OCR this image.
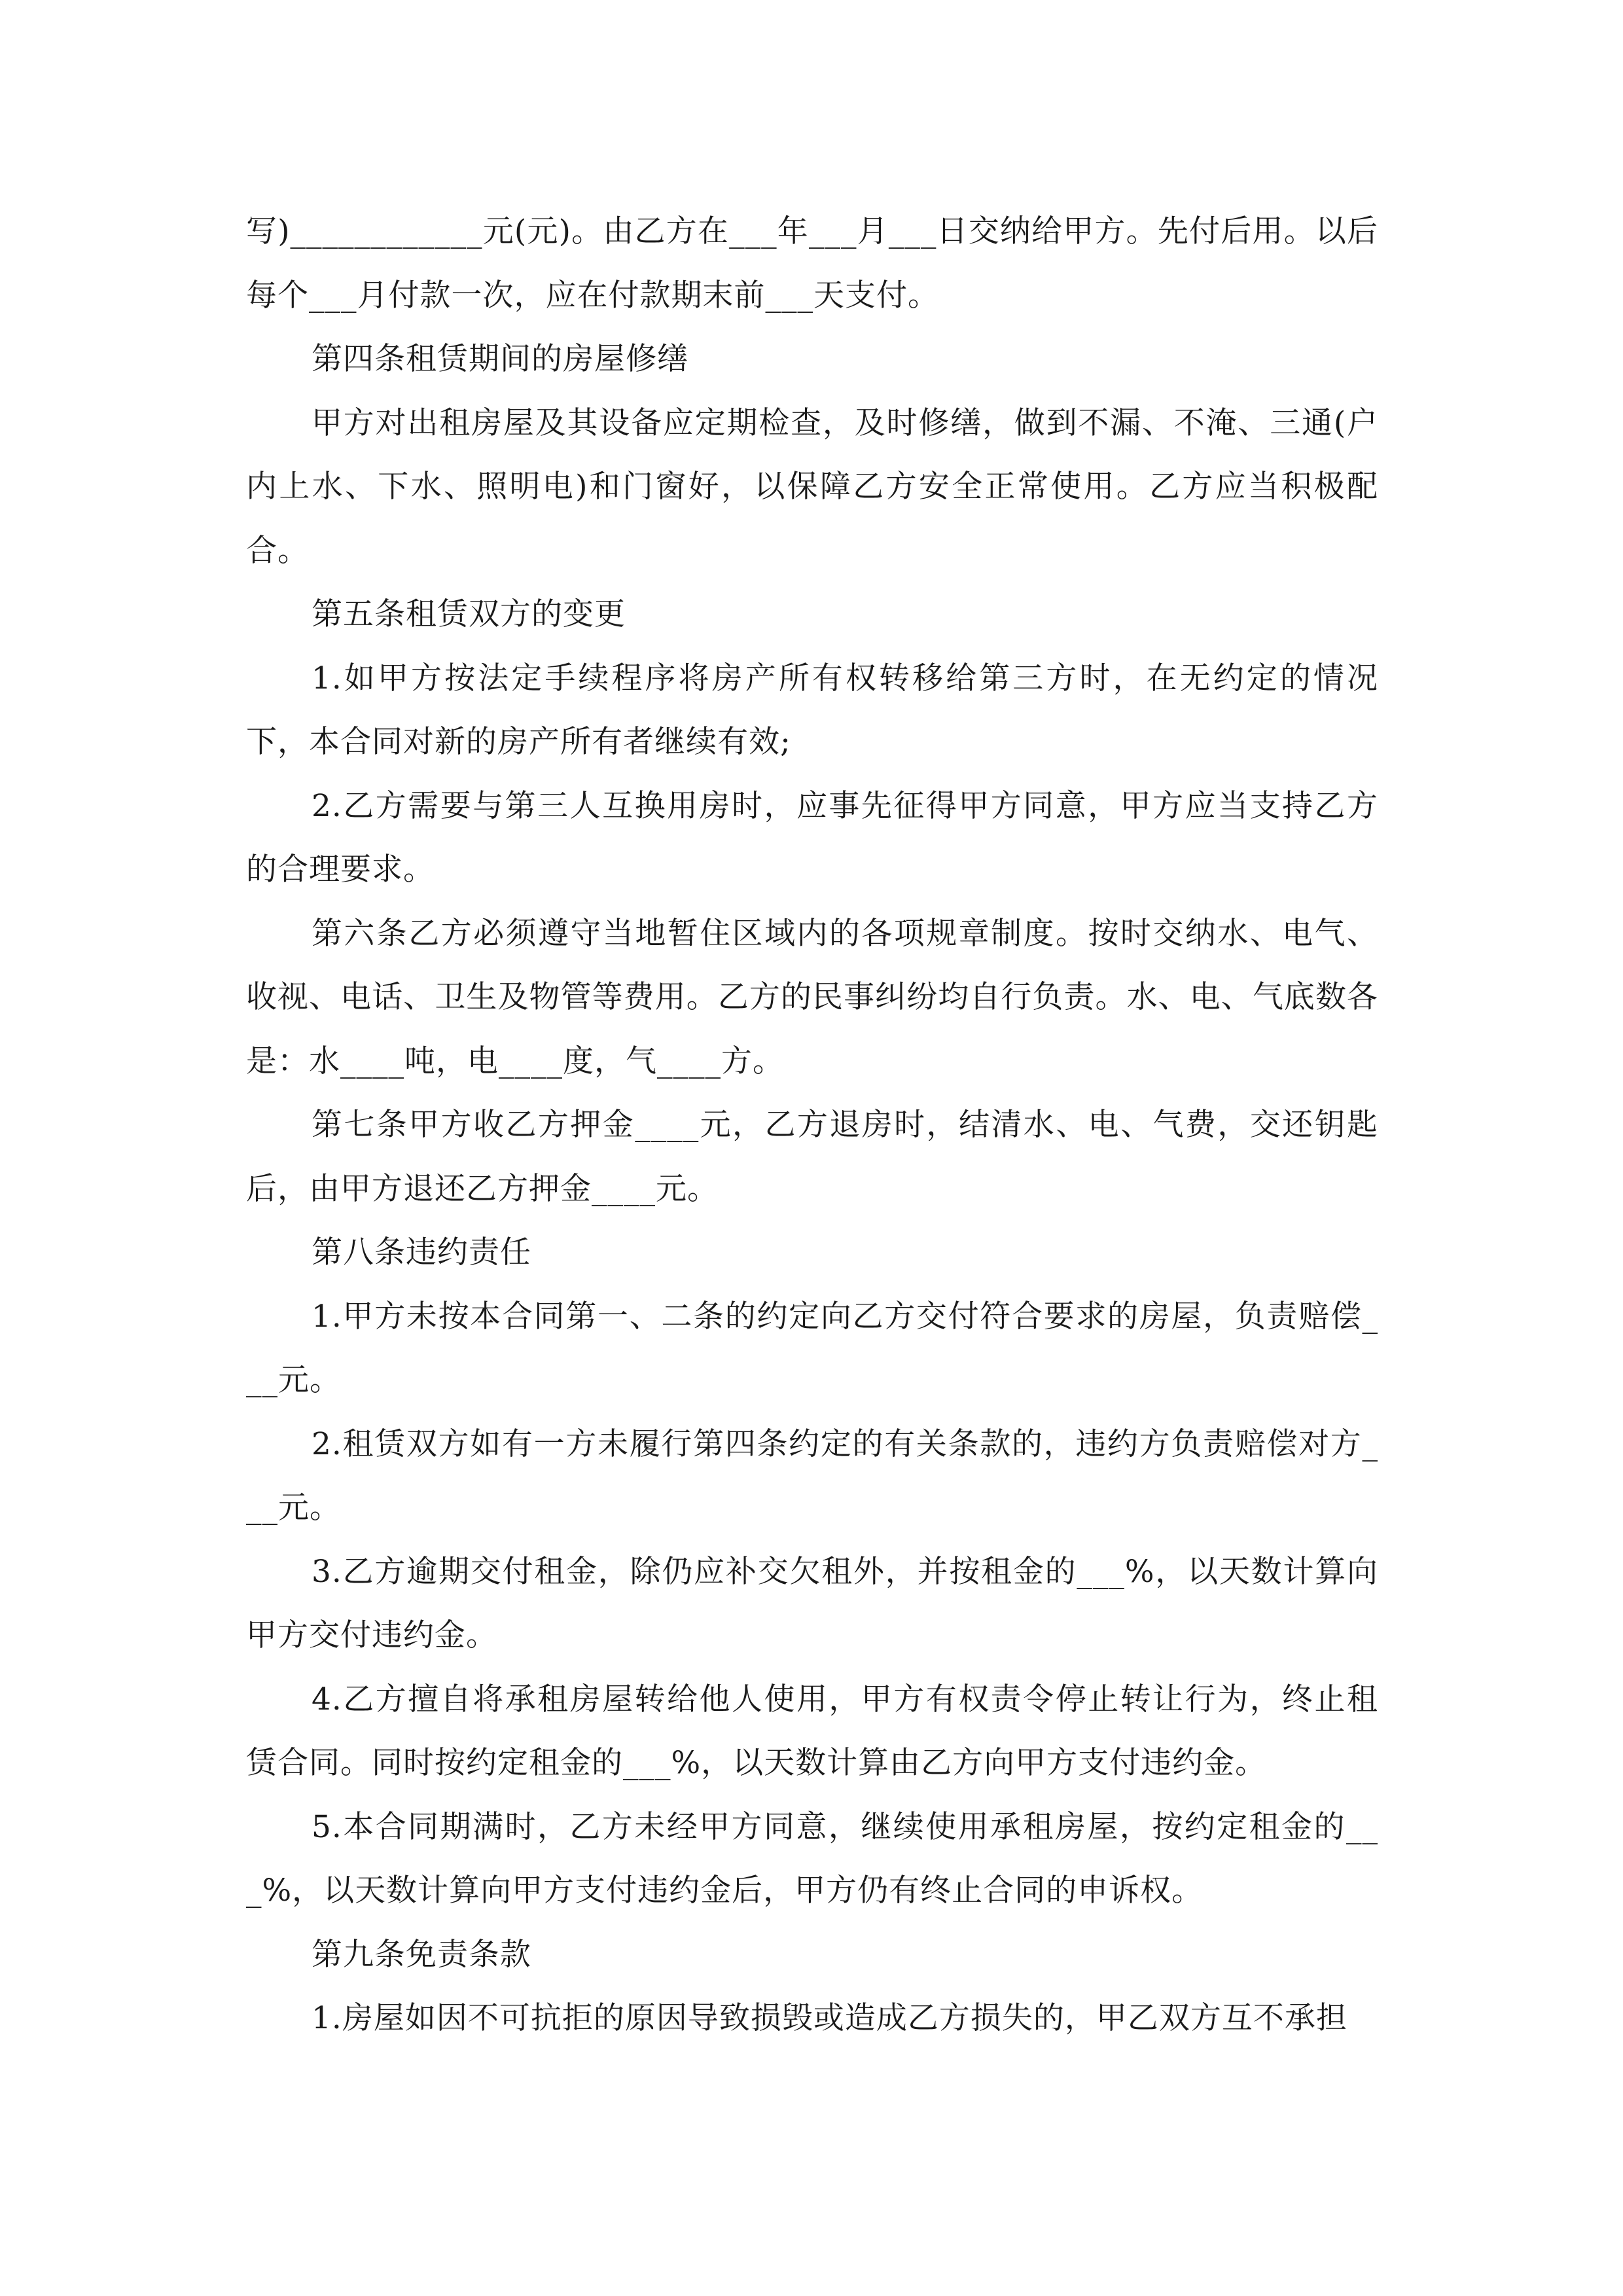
写)____________元(元)。由乙方在___年___月___日交纳给甲方。先付后用。以后每个___月付款一次，应在付款期末前___天支付。

第四条租赁期间的房屋修缮

甲方对出租房屋及其设备应定期检查，及时修缮，做到不漏、不淹、三通(户内上水、下水、照明电)和门窗好，以保障乙方安全正常使用。乙方应当积极配合。

第五条租赁双方的变更

1.如甲方按法定手续程序将房产所有权转移给第三方时，在无约定的情况下，本合同对新的房产所有者继续有效;

2.乙方需要与第三人互换用房时，应事先征得甲方同意，甲方应当支持乙方的合理要求。

第六条乙方必须遵守当地暂住区域内的各项规章制度。按时交纳水、电气、收视、电话、卫生及物管等费用。乙方的民事纠纷均自行负责。水、电、气底数各是：水____吨，电____度，气____方。

第七条甲方收乙方押金____元，乙方退房时，结清水、电、气费，交还钥匙后，由甲方退还乙方押金____元。

第八条违约责任

1.甲方未按本合同第一、二条的约定向乙方交付符合要求的房屋，负责赔偿___元。

2.租赁双方如有一方未履行第四条约定的有关条款的，违约方负责赔偿对方___元。

3.乙方逾期交付租金，除仍应补交欠租外，并按租金的___%，以天数计算向甲方交付违约金。

4.乙方擅自将承租房屋转给他人使用，甲方有权责令停止转让行为，终止租赁合同。同时按约定租金的___%，以天数计算由乙方向甲方支付违约金。

5.本合同期满时，乙方未经甲方同意，继续使用承租房屋，按约定租金的___%，以天数计算向甲方支付违约金后，甲方仍有终止合同的申诉权。

第九条免责条款

1.房屋如因不可抗拒的原因导致损毁或造成乙方损失的，甲乙双方互不承担
